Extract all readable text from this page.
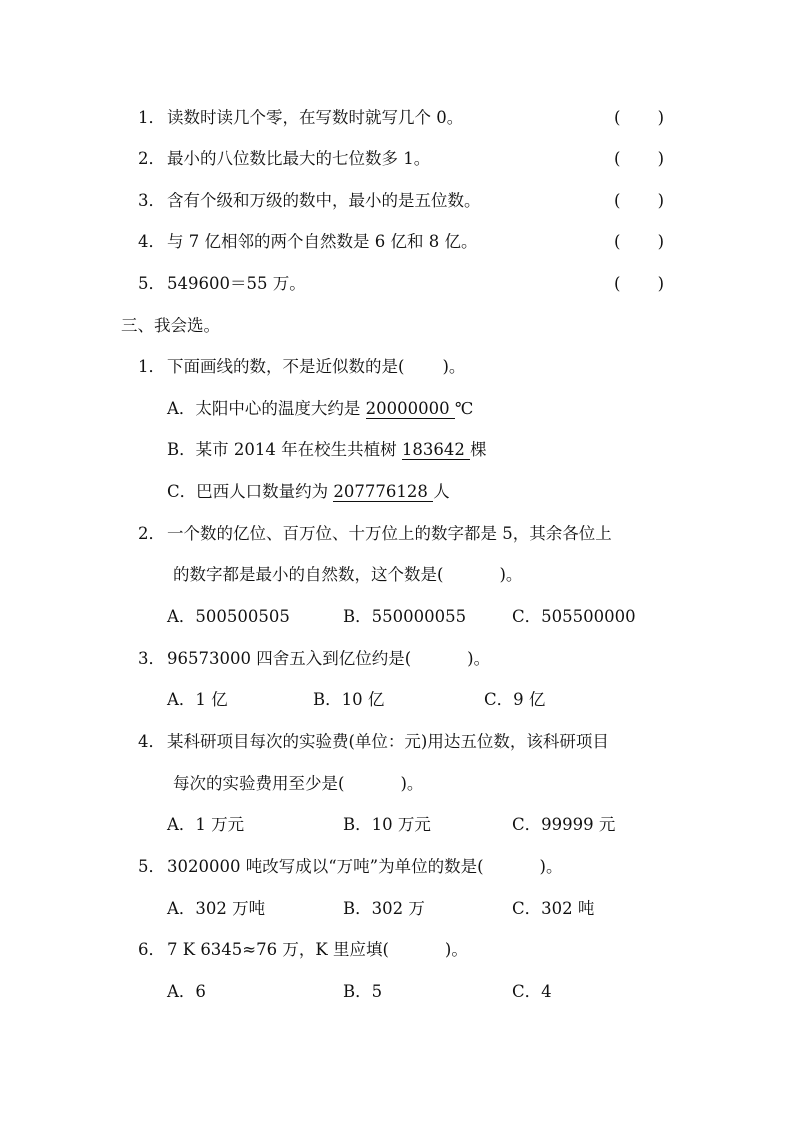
1． 读数时读几个零，在写数时就写几个 0。	( )
2． 最小的八位数比最大的七位数多 1。	( )
3． 含有个级和万级的数中，最小的是五位数。	( )
4． 与 7 亿相邻的两个自然数是 6 亿和 8 亿。	( )
5． 549600＝55 万。	( )
三、我会选。
1． 下面画线的数，不是近似数的是( )。
A．太阳中心的温度大约是 20000000 ℃
B．某市 2014 年在校生共植树 183642 棵
C．巴西人口数量约为 207776128 人
2． 一个数的亿位、百万位、十万位上的数字都是 5，其余各位上
的数字都是最小的自然数，这个数是(	)。
A．500500505	B．550000055	C．505500000
3． 96573000 四舍五入到亿位约是(	)。
A．1 亿	B．10 亿	C．9 亿
4． 某科研项目每次的实验费(单位：元)用达五位数，该科研项目
每次的实验费用至少是(	)。
A．1 万元	B．10 万元	C．99999 元
5． 3020000 吨改写成以“万吨”为单位的数是(	)。
A．302 万吨	B．302 万	C．302 吨
6． 7 K 6345≈76 万，K 里应填(	)。
A．6	B．5	C．4
